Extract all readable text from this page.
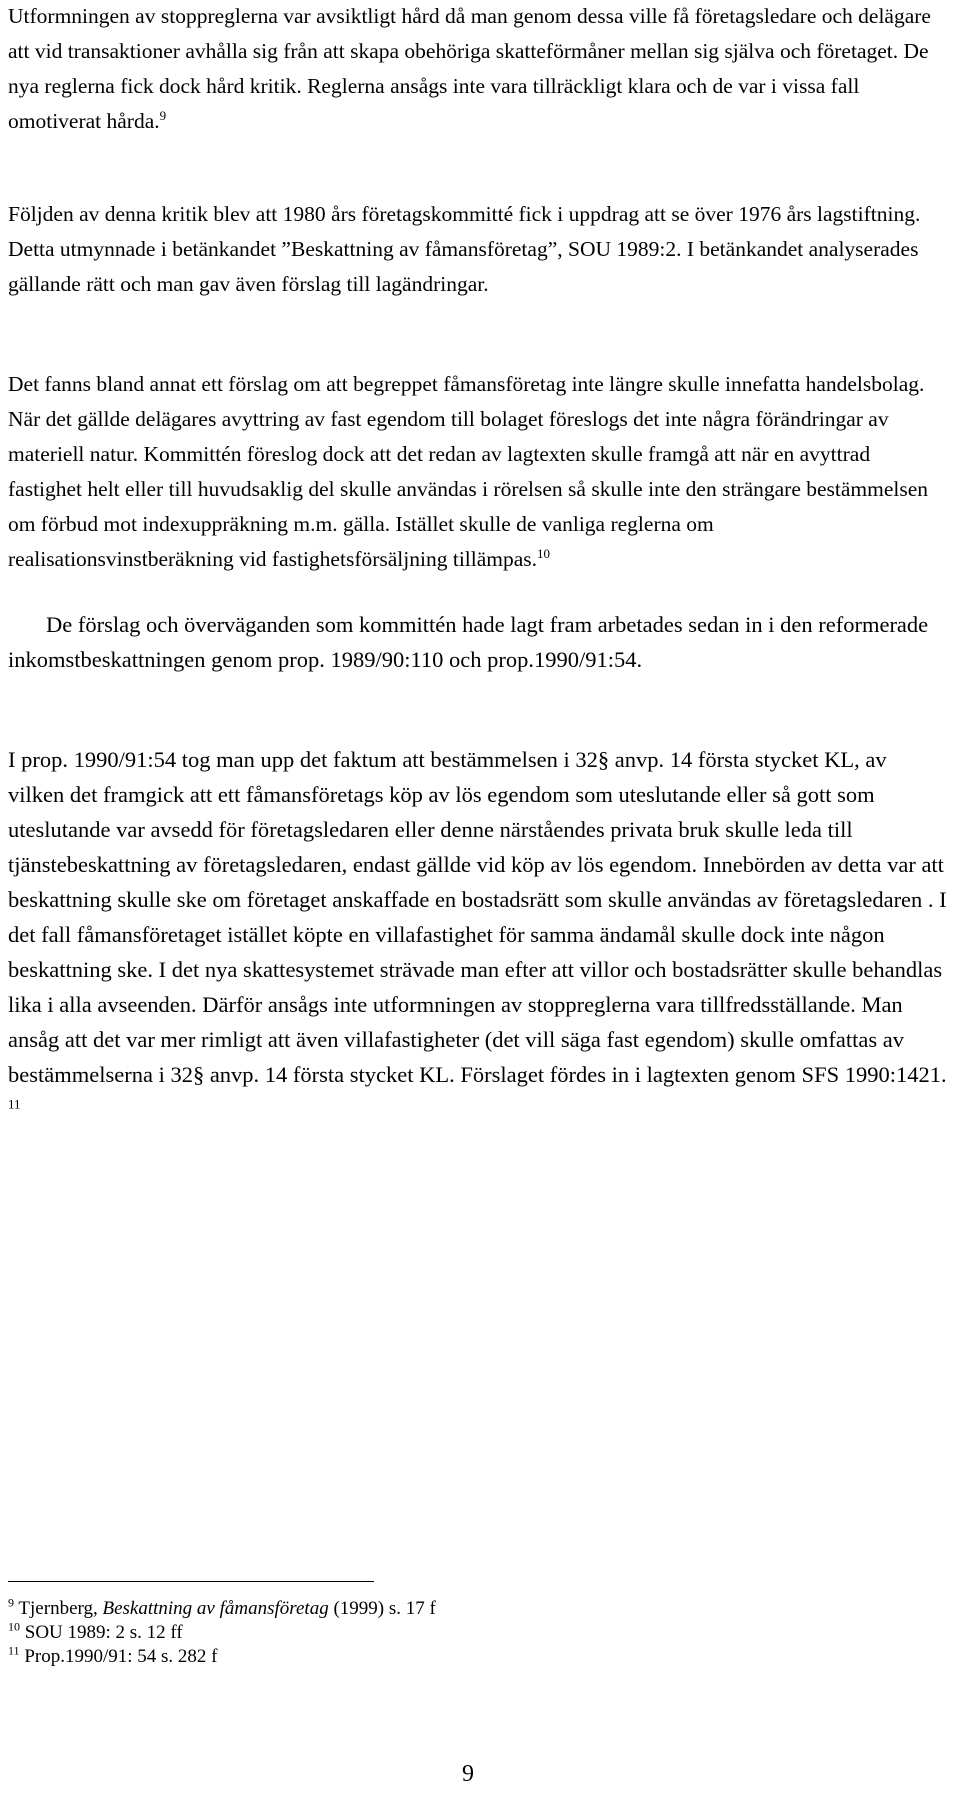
Utformningen av stoppreglerna var avsiktligt hård då man genom dessa ville få företagsledare och delägare att vid transaktioner avhålla sig från att skapa obehöriga skatteförmåner mellan sig själva och företaget. De nya reglerna fick dock hård kritik. Reglerna ansågs inte vara tillräckligt klara och de var i vissa fall omotiverat hårda.$^9$

Följden av denna kritik blev att 1980 års företagskommitté fick i uppdrag att se över 1976 års lagstiftning. Detta utmynnade i betänkandet ”Beskattning av fåmansföretag”, SOU 1989:2. I betänkandet analyserades gällande rätt och man gav även förslag till lagändringar.

Det fanns bland annat ett förslag om att begreppet fåmansföretag inte längre skulle innefatta handelsbolag. När det gällde delägares avyttring av fast egendom till bolaget föreslogs det inte några förändringar av materiell natur. Kommittén föreslog dock att det redan av lagtexten skulle framgå att när en avyttrad fastighet helt eller till huvudsaklig del skulle användas i rörelsen så skulle inte den strängare bestämmelsen om förbud mot indexuppräkning m.m. gälla. Istället skulle de vanliga reglerna om realisationsvinstberäkning vid fastighetsförsäljning tillämpas.$^{10}$

De förslag och överväganden som kommittén hade lagt fram arbetades sedan in i den reformerade inkomstbeskattningen genom prop. 1989/90:110 och prop.1990/91:54.

I prop. 1990/91:54 tog man upp det faktum att bestämmelsen i 32§ anvp. 14 första stycket KL, av vilken det framgick att ett fåmansföretags köp av lös egendom som uteslutande eller så gott som uteslutande var avsedd för företagsledaren eller denne närståendes privata bruk skulle leda till tjänstebeskattning av företagsledaren, endast gällde vid köp av lös egendom. Innebörden av detta var att beskattning skulle ske om företaget anskaffade en bostadsrätt som skulle användas av företagsledaren . I det fall fåmansföretaget istället köpte en villafastighet för samma ändamål skulle dock inte någon beskattning ske. I det nya skattesystemet strävade man efter att villor och bostadsrätter skulle behandlas lika i alla avseenden. Därför ansågs inte utformningen av stoppreglerna vara tillfredsställande. Man ansåg att det var mer rimligt att även villafastigheter (det vill säga fast egendom) skulle omfattas av bestämmelserna i 32§ anvp. 14 första stycket KL. Förslaget fördes in i lagtexten genom SFS 1990:1421. $^{11}$

$^9$ Tjernberg, Beskattning av fåmansföretag (1999) s. 17 f
$^{10}$ SOU 1989: 2 s. 12 ff
$^{11}$ Prop.1990/91: 54 s. 282 f
9
